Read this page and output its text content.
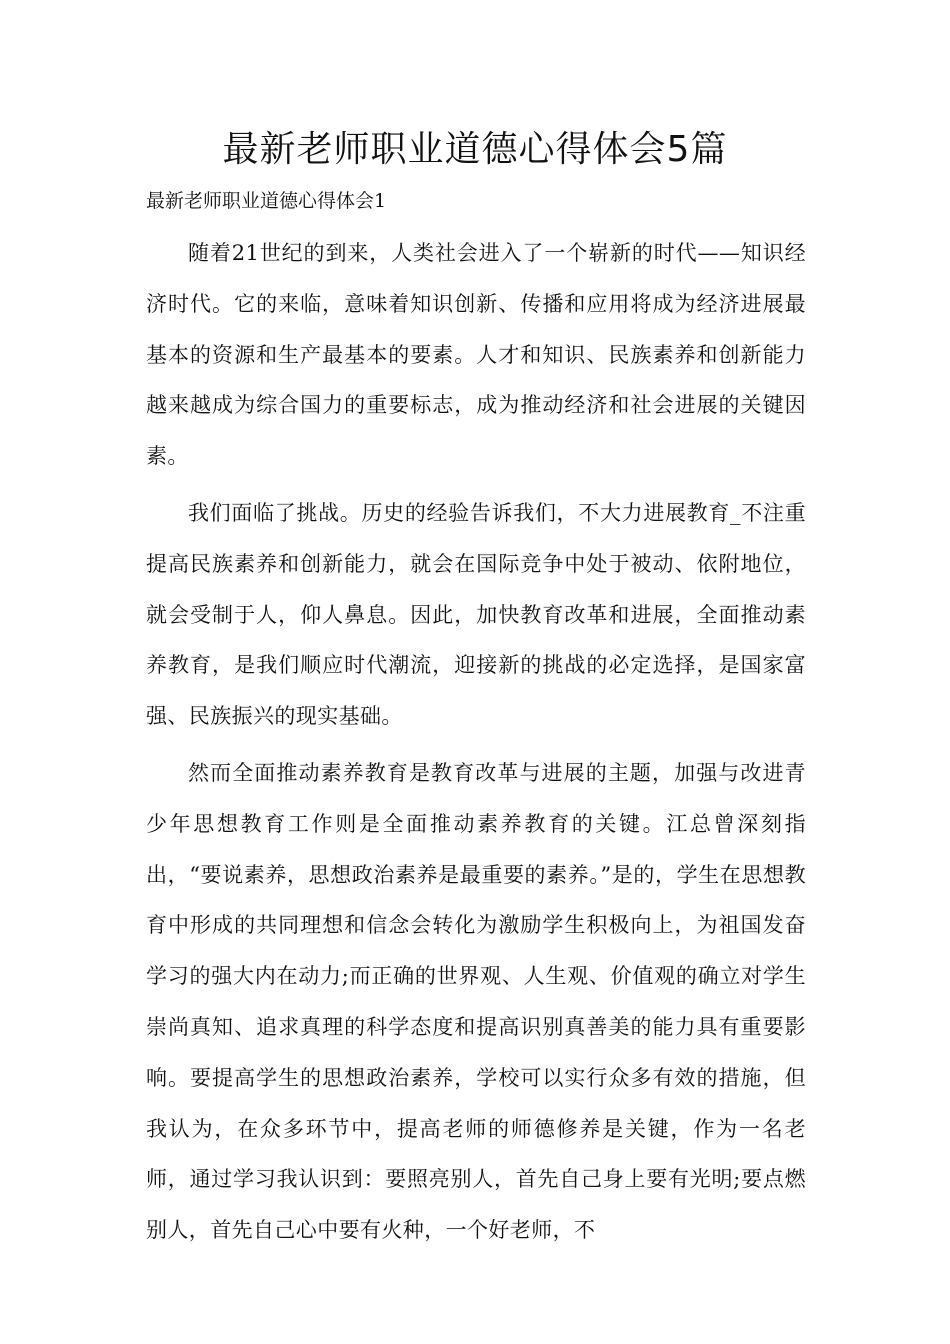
最新老师职业道德心得体会5篇
最新老师职业道德心得体会1

随着21世纪的到来，人类社会进入了一个崭新的时代——知识经济时代。它的来临，意味着知识创新、传播和应用将成为经济进展最基本的资源和生产最基本的要素。人才和知识、民族素养和创新能力越来越成为综合国力的重要标志，成为推动经济和社会进展的关键因素。

我们面临了挑战。历史的经验告诉我们，不大力进展教育_不注重提高民族素养和创新能力，就会在国际竞争中处于被动、依附地位，就会受制于人，仰人鼻息。因此，加快教育改革和进展，全面推动素养教育，是我们顺应时代潮流，迎接新的挑战的必定选择，是国家富强、民族振兴的现实基础。

然而全面推动素养教育是教育改革与进展的主题，加强与改进青少年思想教育工作则是全面推动素养教育的关键。江总曾深刻指出，“要说素养，思想政治素养是最重要的素养。”是的，学生在思想教育中形成的共同理想和信念会转化为激励学生积极向上，为祖国发奋学习的强大内在动力;而正确的世界观、人生观、价值观的确立对学生崇尚真知、追求真理的科学态度和提高识别真善美的能力具有重要影响。要提高学生的思想政治素养，学校可以实行众多有效的措施，但我认为，在众多环节中，提高老师的师德修养是关键，作为一名老师，通过学习我认识到：要照亮别人，首先自己身上要有光明;要点燃别人，首先自己心中要有火种，一个好老师，不
